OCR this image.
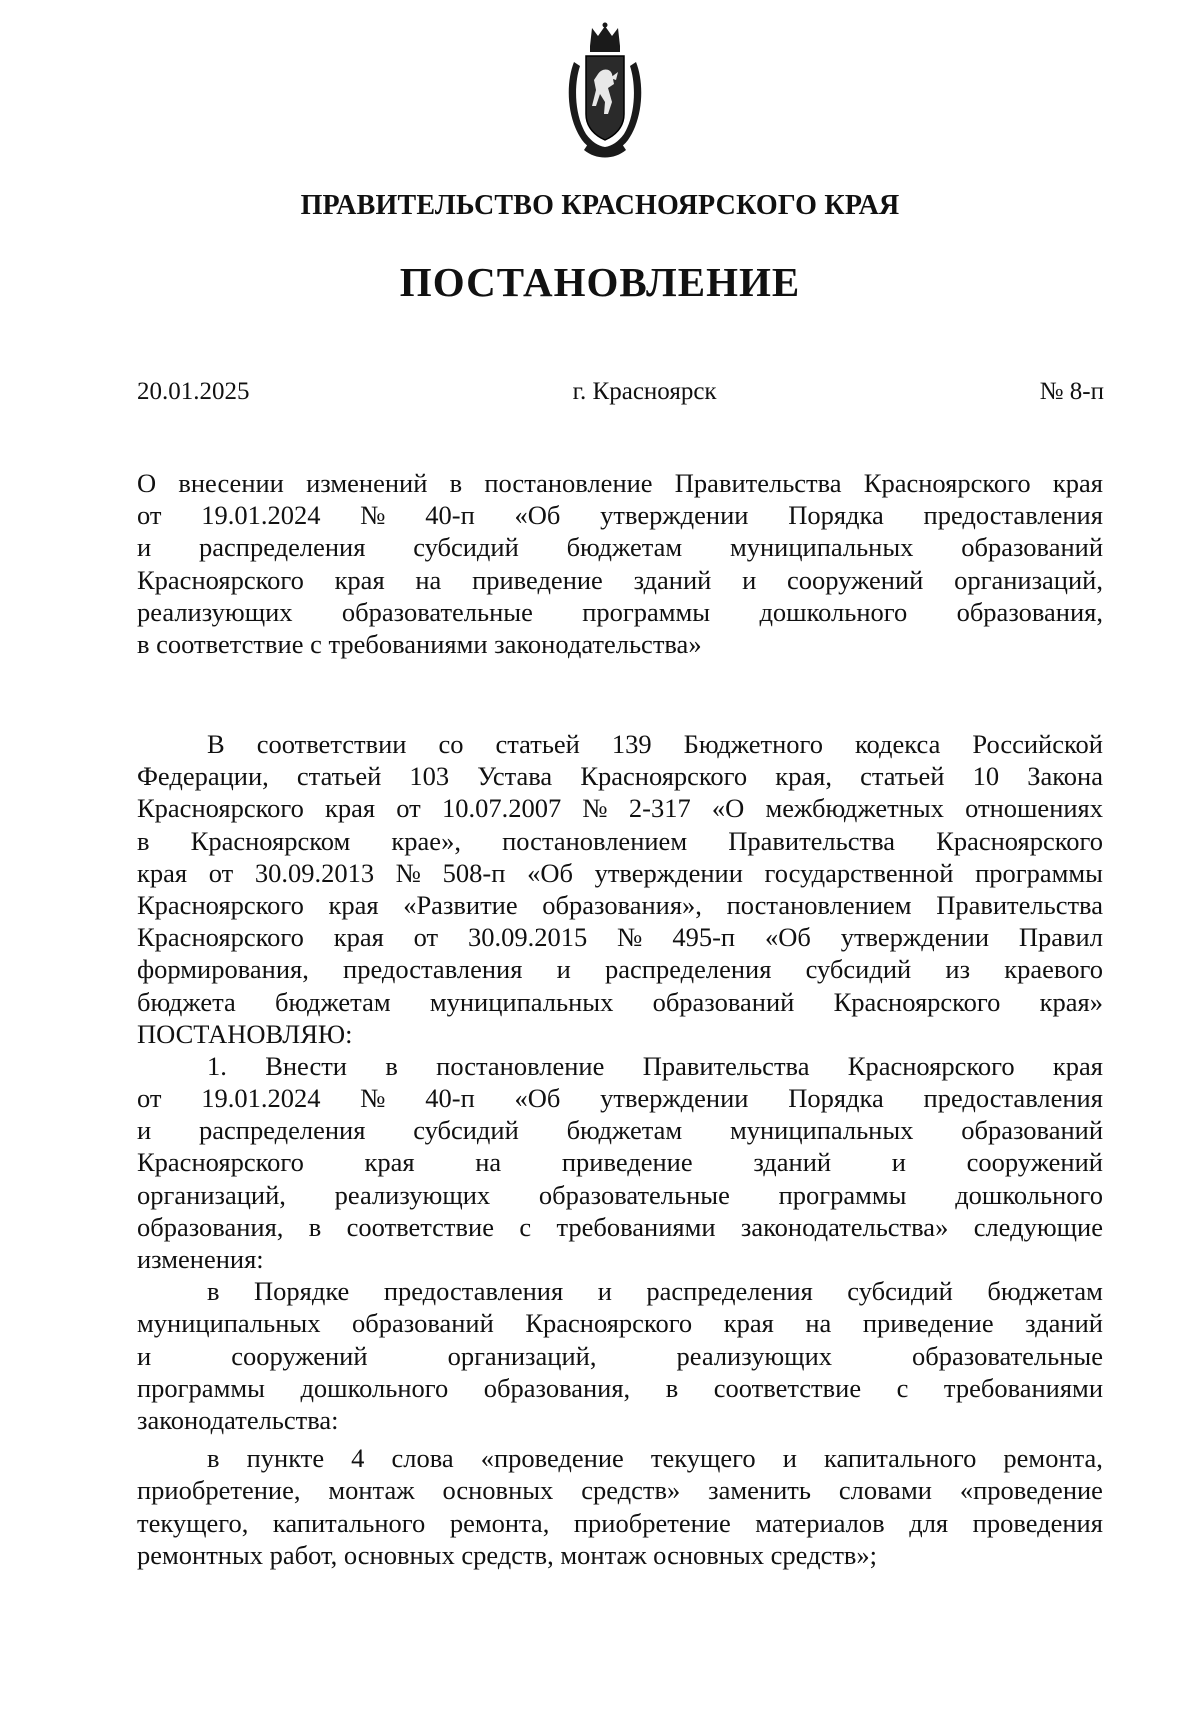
ПРАВИТЕЛЬСТВО КРАСНОЯРСКОГО КРАЯ
ПОСТАНОВЛЕНИЕ
20.01.2025	г. Красноярск	№ 8-п
О внесении изменений в постановление Правительства Красноярского края
от 19.01.2024 № 40-п «Об утверждении Порядка предоставления
и распределения субсидий бюджетам муниципальных образований
Красноярского края на приведение зданий и сооружений организаций,
реализующих образовательные программы дошкольного образования,
в соответствие с требованиями законодательства»
В соответствии со статьей 139 Бюджетного кодекса Российской
Федерации, статьей 103 Устава Красноярского края, статьей 10 Закона
Красноярского края от 10.07.2007 № 2-317 «О межбюджетных отношениях
в Красноярском крае», постановлением Правительства Красноярского
края от 30.09.2013 № 508-п «Об утверждении государственной программы
Красноярского края «Развитие образования», постановлением Правительства
Красноярского края от 30.09.2015 № 495-п «Об утверждении Правил
формирования, предоставления и распределения субсидий из краевого
бюджета бюджетам муниципальных образований Красноярского края»
ПОСТАНОВЛЯЮ:
1. Внести в постановление Правительства Красноярского края
от 19.01.2024 № 40-п «Об утверждении Порядка предоставления
и распределения субсидий бюджетам муниципальных образований
Красноярского края на приведение зданий и сооружений
организаций, реализующих образовательные программы дошкольного
образования, в соответствие с требованиями законодательства» следующие
изменения:
в Порядке предоставления и распределения субсидий бюджетам
муниципальных образований Красноярского края на приведение зданий
и	сооружений	организаций,	реализующих	образовательные
программы дошкольного образования, в соответствие с требованиями
законодательства:
в пункте 4 слова «проведение текущего и капитального ремонта,
приобретение, монтаж основных средств» заменить словами «проведение
текущего, капитального ремонта, приобретение материалов для проведения
ремонтных работ, основных средств, монтаж основных средств»;
